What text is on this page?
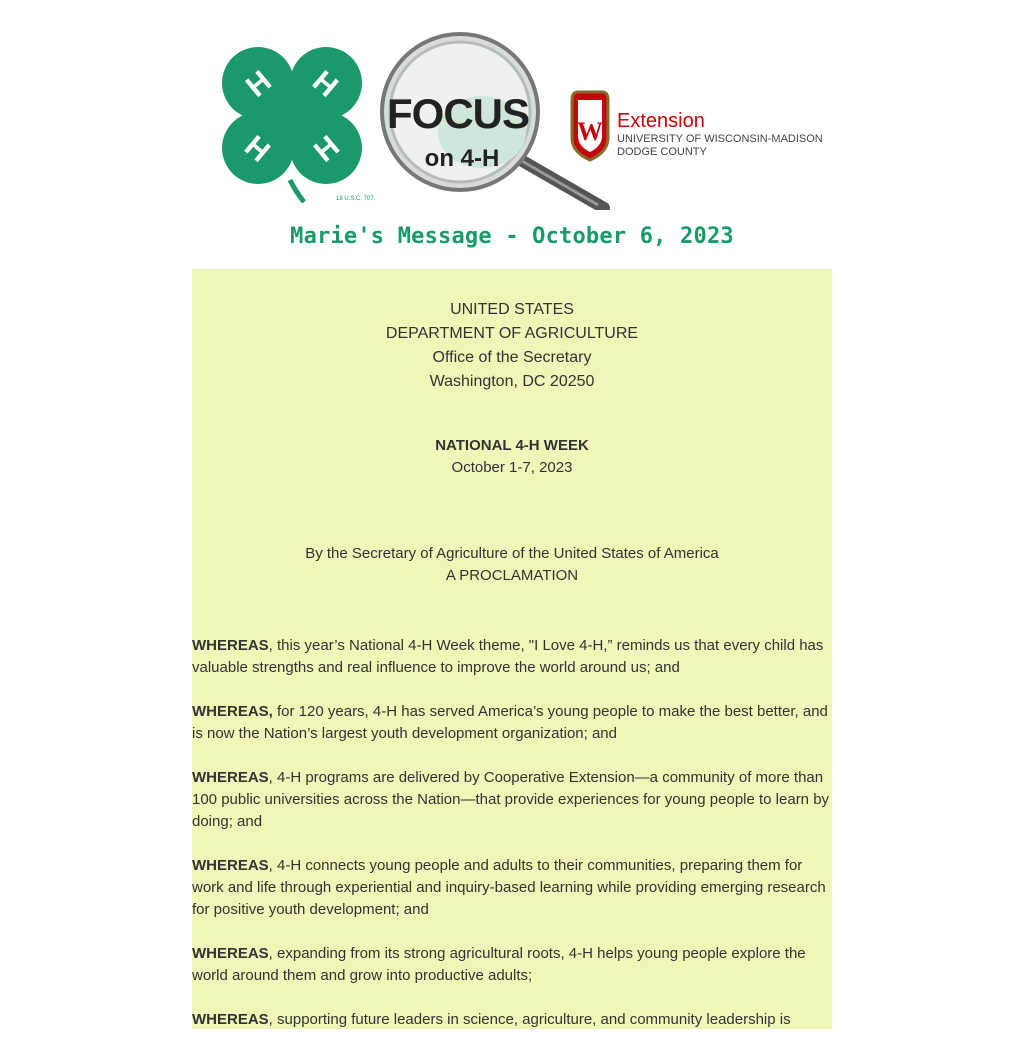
H H
H H
18 U.S.C. 707
FOCUS
on 4-H
W Extension
UNIVERSITY OF WISCONSIN-MADISON
DODGE COUNTY
Marie's Message - October 6, 2023
UNITED STATES
DEPARTMENT OF AGRICULTURE
Office of the Secretary
Washington, DC 20250
NATIONAL 4-H WEEK
October 1-7, 2023
By the Secretary of Agriculture of the United States of America
A PROCLAMATION

WHEREAS, this year’s National 4-H Week theme, "I Love 4-H,” reminds us that every child has valuable strengths and real influence to improve the world around us; and

WHEREAS, for 120 years, 4-H has served America’s young people to make the best better, and is now the Nation’s largest youth development organization; and

WHEREAS, 4-H programs are delivered by Cooperative Extension—a community of more than 100 public universities across the Nation—that provide experiences for young people to learn by doing; and

WHEREAS, 4-H connects young people and adults to their communities, preparing them for work and life through experiential and inquiry-based learning while providing emerging research for positive youth development; and

WHEREAS, expanding from its strong agricultural roots, 4-H helps young people explore the world around them and grow into productive adults;

WHEREAS, supporting future leaders in science, agriculture, and community leadership is
